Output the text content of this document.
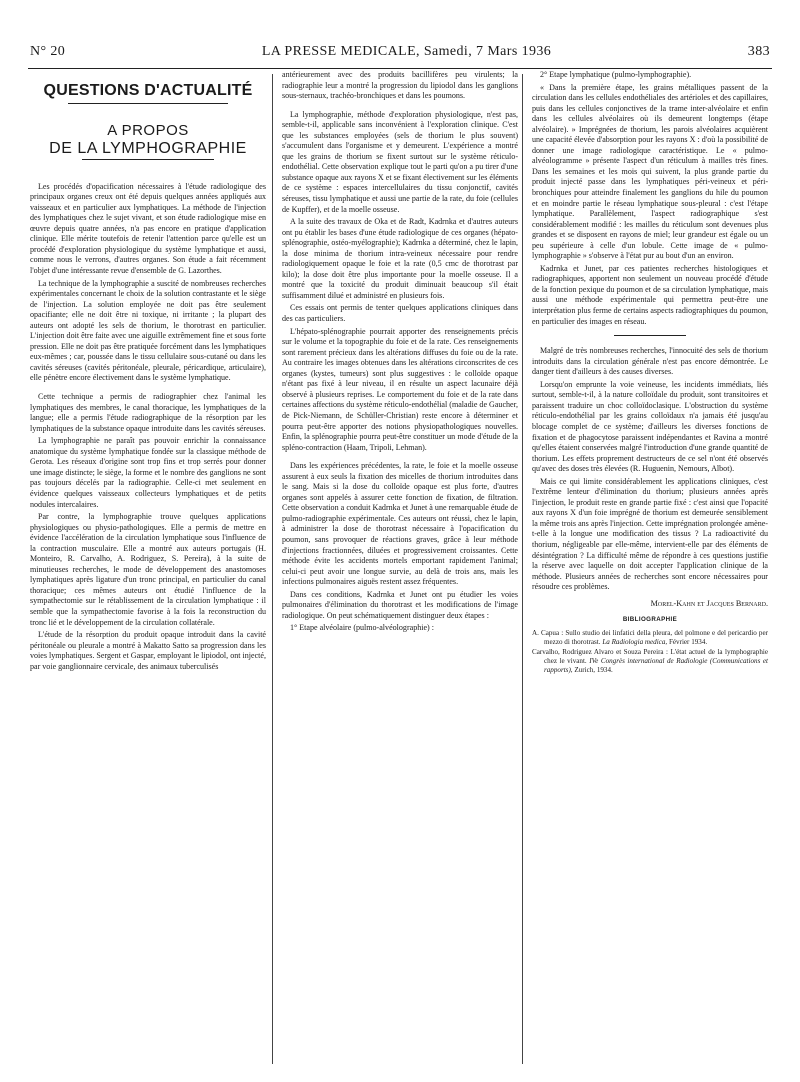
N° 20	LA PRESSE MEDICALE, Samedi, 7 Mars 1936	383
QUESTIONS D'ACTUALITÉ
A PROPOS
DE LA LYMPHOGRAPHIE

Les procédés d'opacification nécessaires à l'étude radiologique des principaux organes creux ont été depuis quelques années appliqués aux vaisseaux et en particulier aux lymphatiques. La méthode de l'injection des lymphatiques chez le sujet vivant, et son étude radiologique mise en œuvre depuis quatre années, n'a pas encore en pratique d'application clinique. Elle mérite toutefois de retenir l'attention parce qu'elle est un procédé d'exploration physiologique du système lymphatique et aussi, comme nous le verrons, d'autres organes. Son étude a fait récemment l'objet d'une intéressante revue d'ensemble de G. Lazorthes.

La technique de la lymphographie a suscité de nombreuses recherches expérimentales concernant le choix de la solution contrastante et le siège de l'injection. La solution employée ne doit pas être seulement opacifiante; elle ne doit être ni toxique, ni irritante ; la plupart des auteurs ont adopté les sels de thorium, le thorotrast en particulier. L'injection doit être faite avec une aiguille extrêmement fine et sous forte pression. Elle ne doit pas être pratiquée forcément dans les lymphatiques eux-mêmes ; car, poussée dans le tissu cellulaire sous-cutané ou dans les cavités séreuses (cavités péritonéale, pleurale, péricardique, articulaire), elle pénètre encore électivement dans le système lymphatique.

Cette technique a permis de radiographier chez l'animal les lymphatiques des membres, le canal thoracique, les lymphatiques de la langue; elle a permis l'étude radiographique de la résorption par les lymphatiques de la substance opaque introduite dans les cavités séreuses.

La lymphographie ne paraît pas pouvoir enrichir la connaissance anatomique du système lymphatique fondée sur la classique méthode de Gerota. Les réseaux d'origine sont trop fins et trop serrés pour donner une image distincte; le siège, la forme et le nombre des ganglions ne sont pas toujours décelés par la radiographie. Celle-ci met seulement en évidence quelques vaisseaux collecteurs lymphatiques et de petits nodules intercalaires.

Par contre, la lymphographie trouve quelques applications physiologiques ou physio-pathologiques. Elle a permis de mettre en évidence l'accélération de la circulation lymphatique sous l'influence de la contraction musculaire. Elle a montré aux auteurs portugais (H. Monteiro, R. Carvalho, A. Rodriguez, S. Pereira), à la suite de minutieuses recherches, le mode de développement des anastomoses lymphatiques après ligature d'un tronc principal, en particulier du canal thoracique; ces mêmes auteurs ont étudié l'influence de la sympathectomie sur le rétablissement de la circulation lymphatique : il semble que la sympathectomie favorise à la fois la reconstruction du tronc lié et le développement de la circulation collatérale.

L'étude de la résorption du produit opaque introduit dans la cavité péritonéale ou pleurale a montré à Makatto Satto sa progression dans les voies lymphatiques. Sergent et Gaspar, employant le lipiodol, ont injecté, par voie ganglionnaire cervicale, des animaux tuberculisés

antérieurement avec des produits bacillifères peu virulents; la radiographie leur a montré la progression du lipiodol dans les ganglions sous-sternaux, trachéo-bronchiques et dans les poumons.

La lymphographie, méthode d'exploration physiologique, n'est pas, semble-t-il, applicable sans inconvénient à l'exploration clinique. C'est que les substances employées (sels de thorium le plus souvent) s'accumulent dans l'organisme et y demeurent. L'expérience a montré que les grains de thorium se fixent surtout sur le système réticulo-endothélial. Cette observation explique tout le parti qu'on a pu tirer d'une substance opaque aux rayons X et se fixant électivement sur les éléments de ce système : espaces intercellulaires du tissu conjonctif, cavités séreuses, tissu lymphatique et aussi une partie de la rate, du foie (cellules de Kupffer), et de la moelle osseuse.

A la suite des travaux de Oka et de Radt, Kadrnka et d'autres auteurs ont pu établir les bases d'une étude radiologique de ces organes (hépato-splénographie, ostéo-myélographie); Kadrnka a déterminé, chez le lapin, la dose minima de thorium intra-veineux nécessaire pour rendre radiologiquement opaque le foie et la rate (0,5 cmc de thorotrast par kilo); la dose doit être plus importante pour la moelle osseuse. Il a montré que la toxicité du produit diminuait beaucoup s'il était suffisamment dilué et administré en plusieurs fois.

Ces essais ont permis de tenter quelques applications cliniques dans des cas particuliers.

L'hépato-splénographie pourrait apporter des renseignements précis sur le volume et la topographie du foie et de la rate. Ces renseignements sont rarement précieux dans les altérations diffuses du foie ou de la rate. Au contraire les images obtenues dans les altérations circonscrites de ces organes (kystes, tumeurs) sont plus suggestives : le colloïde opaque n'étant pas fixé à leur niveau, il en résulte un aspect lacunaire déjà observé à plusieurs reprises. Le comportement du foie et de la rate dans certaines affections du système réticulo-endothélial (maladie de Gaucher, de Pick-Niemann, de Schüller-Christian) reste encore à déterminer et pourra peut-être apporter des notions physiopathologiques nouvelles. Enfin, la splénographie pourra peut-être constituer un mode d'étude de la spléno-contraction (Haam, Tripoli, Lehman).

Dans les expériences précédentes, la rate, le foie et la moelle osseuse assurent à eux seuls la fixation des micelles de thorium introduites dans le sang. Mais si la dose du colloïde opaque est plus forte, d'autres organes sont appelés à assurer cette fonction de fixation, de filtration. Cette observation a conduit Kadrnka et Junet à une remarquable étude de pulmo-radiographie expérimentale. Ces auteurs ont réussi, chez le lapin, à administrer la dose de thorotrast nécessaire à l'opacification du poumon, sans provoquer de réactions graves, grâce à leur méthode d'injections fractionnées, diluées et progressivement croissantes. Cette méthode évite les accidents mortels emportant rapidement l'animal; celui-ci peut avoir une longue survie, au delà de trois ans, mais les infections pulmonaires aiguës restent assez fréquentes.

Dans ces conditions, Kadrnka et Junet ont pu étudier les voies pulmonaires d'élimination du thorotrast et les modifications de l'image radiologique. On peut schématiquement distinguer deux étapes :

1° Etape alvéolaire (pulmo-alvéolographie) :

2° Etape lymphatique (pulmo-lymphographie).

« Dans la première étape, les grains métalliques passent de la circulation dans les cellules endothéliales des artérioles et des capillaires, puis dans les cellules conjonctives de la trame inter-alvéolaire et enfin dans les cellules alvéolaires où ils demeurent longtemps (étape alvéolaire). » Imprégnées de thorium, les parois alvéolaires acquièrent une capacité élevée d'absorption pour les rayons X : d'où la possibilité de donner une image radiologique caractéristique. Le « pulmo-alvéologramme » présente l'aspect d'un réticulum à mailles très fines. Dans les semaines et les mois qui suivent, la plus grande partie du produit injecté passe dans les lymphatiques péri-veineux et péri-bronchiques pour atteindre finalement les ganglions du hile du poumon et en moindre partie le réseau lymphatique sous-pleural : c'est l'étape lymphatique. Parallèlement, l'aspect radiographique s'est considérablement modifié : les mailles du réticulum sont devenues plus grandes et se disposent en rayons de miel; leur grandeur est égale ou un peu supérieure à celle d'un lobule. Cette image de « pulmo-lymphographie » s'observe à l'état pur au bout d'un an environ.

Kadrnka et Junet, par ces patientes recherches histologiques et radiographiques, apportent non seulement un nouveau procédé d'étude de la fonction pexique du poumon et de sa circulation lymphatique, mais aussi une méthode expérimentale qui permettra peut-être une interprétation plus ferme de certains aspects radiographiques du poumon, en particulier des images en réseau.

Malgré de très nombreuses recherches, l'innocuité des sels de thorium introduits dans la circulation générale n'est pas encore démontrée. Le danger tient d'ailleurs à des causes diverses.

Lorsqu'on emprunte la voie veineuse, les incidents immédiats, liés surtout, semble-t-il, à la nature colloïdale du produit, sont transitoires et paraissent traduire un choc colloïdoclasique. L'obstruction du système réticulo-endothélial par les grains colloïdaux n'a jamais été jusqu'au blocage complet de ce système; d'ailleurs les diverses fonctions de fixation et de phagocytose paraissent indépendantes et Ravina a montré qu'elles étaient conservées malgré l'introduction d'une grande quantité de thorium. Les effets proprement destructeurs de ce sel n'ont été observés qu'avec des doses très élevées (R. Huguenin, Nemours, Albot).

Mais ce qui limite considérablement les applications cliniques, c'est l'extrême lenteur d'élimination du thorium; plusieurs années après l'injection, le produit reste en grande partie fixé : c'est ainsi que l'opacité aux rayons X d'un foie imprégné de thorium est demeurée sensiblement la même trois ans après l'injection. Cette imprégnation prolongée amène-t-elle à la longue une modification des tissus ? La radioactivité du thorium, négligeable par elle-même, intervient-elle par des éléments de désintégration ? La difficulté même de répondre à ces questions justifie la réserve avec laquelle on doit accepter l'application clinique de la méthode. Plusieurs années de recherches sont encore nécessaires pour résoudre ces problèmes.

Morel-Kahn et Jacques Bernard.
BIBLIOGRAPHIE
A. Capua : Sullo studio dei linfatici della pleura, del polmone e del pericardio per mezzo di thorotrast. La Radiologia medica, Février 1934.
Carvalho, Rodriguez Alvaro et Souza Pereira : L'état actuel de la lymphographie chez le vivant. IVe Congrès international de Radiologie (Communications et rapports), Zurich, 1934.
